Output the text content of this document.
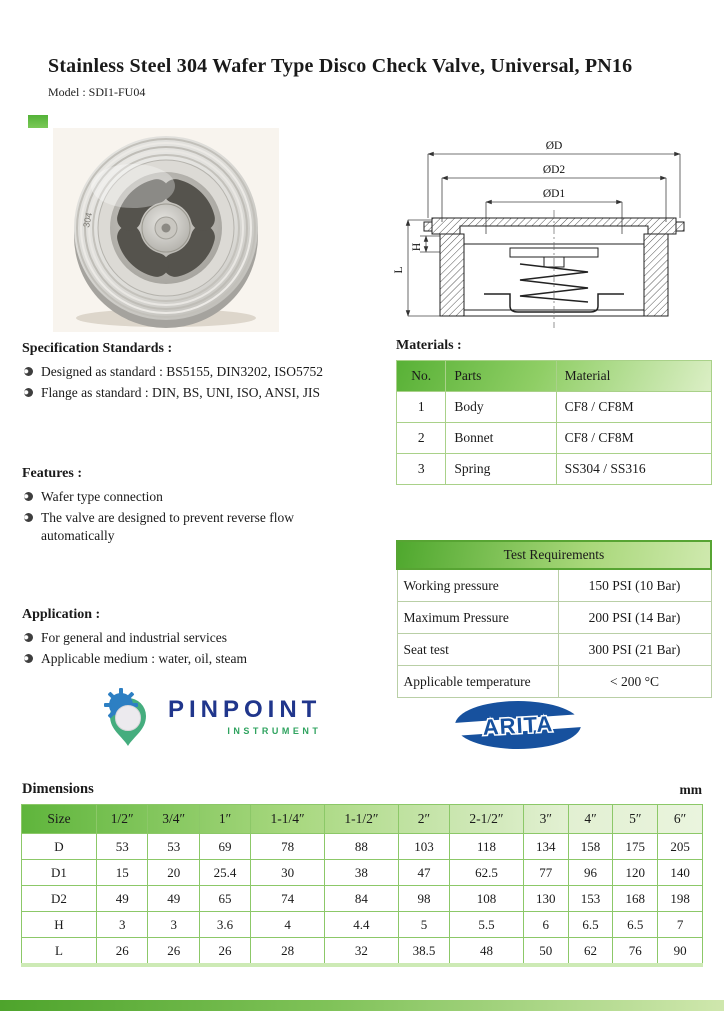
Stainless Steel 304 Wafer Type Disco Check Valve, Universal, PN16
Model : SDI1-FU04
304
ØD
ØD2
ØD1
H
L
Specification Standards :
Designed as standard : BS5155, DIN3202, ISO5752
Flange as standard : DIN, BS, UNI, ISO, ANSI, JIS
Materials :
No.	Parts	Material
1	Body	CF8 / CF8M
2	Bonnet	CF8 / CF8M
3	Spring	SS304 / SS316
Features :
Wafer type connection
The valve are designed to prevent reverse flow automatically
Application :
For general and industrial services
Applicable medium : water, oil, steam
Test Requirements	
Working pressure	150 PSI (10 Bar)
Maximum Pressure	200 PSI (14 Bar)
Seat test	300 PSI (21 Bar)
Applicable temperature	< 200 °C
PINPOINT
INSTRUMENT	ARITA
Dimensions	mm
Size	1/2″	3/4″	1″	1-1/4″	1-1/2″	2″	2-1/2″	3″	4″	5″	6″
D	53	53	69	78	88	103	118	134	158	175	205
D1	15	20	25.4	30	38	47	62.5	77	96	120	140
D2	49	49	65	74	84	98	108	130	153	168	198
H	3	3	3.6	4	4.4	5	5.5	6	6.5	6.5	7
L	26	26	26	28	32	38.5	48	50	62	76	90
